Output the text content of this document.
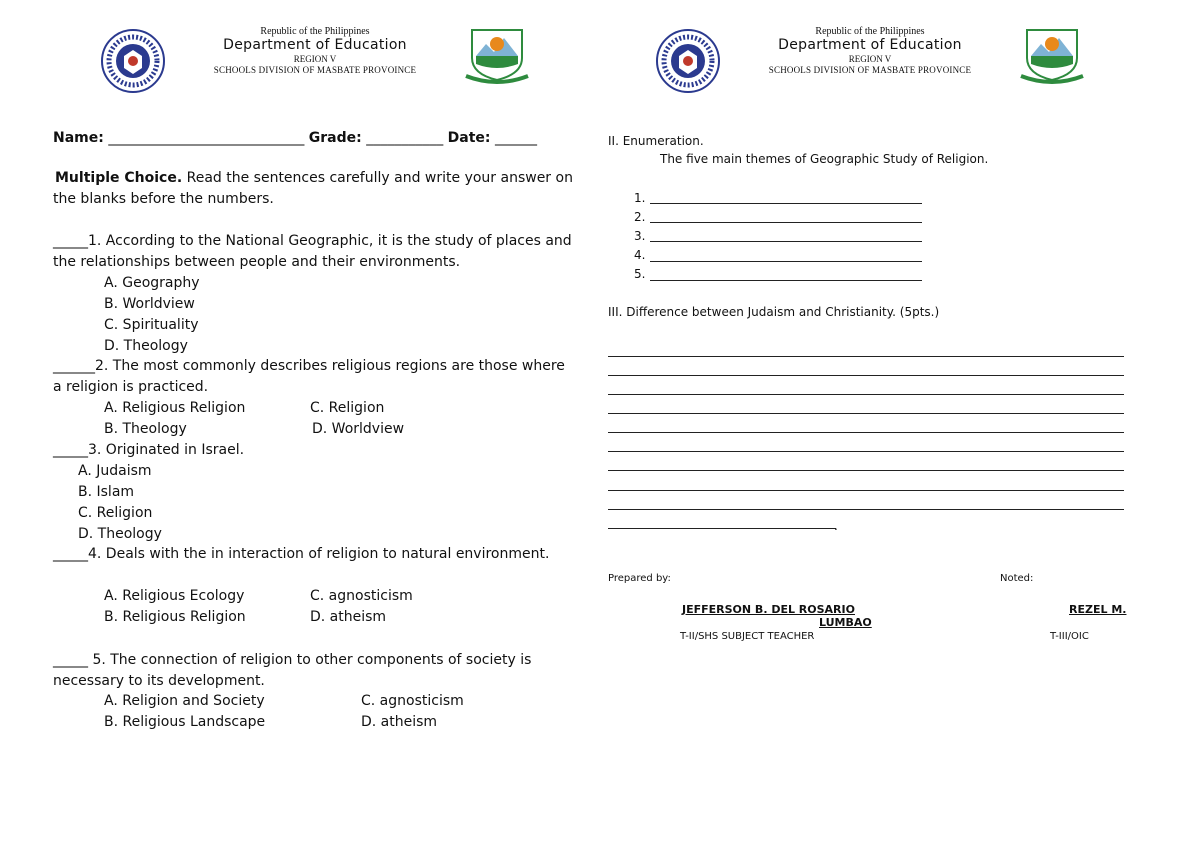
Republic of the Philippines
Department of Education
REGION V
SCHOOLS DIVISION OF MASBATE PROVOINCE
Name: ____________________________ Grade: ___________ Date: ______
Multiple Choice. Read the sentences carefully and write your answer on
the blanks before the numbers.
_____1. According to the National Geographic, it is the study of places and
the relationships between people and their environments.
A. Geography
B. Worldview
C. Spirituality
D. Theology
______2. The most commonly describes religious regions are those where
a religion is practiced.
A. Religious Religion	C. Religion
B. Theology	D. Worldview
_____3. Originated in Israel.
A. Judaism
B. Islam
C. Religion
D. Theology
_____4. Deals with the in interaction of religion to natural environment.
A. Religious Ecology	C. agnosticism
B. Religious Religion	D. atheism
_____ 5. The connection of religion to other components of society is
necessary to its development.
A. Religion and Society	C. agnosticism
B. Religious Landscape	D. atheism
Republic of the Philippines
Department of Education
REGION V
SCHOOLS DIVISION OF MASBATE PROVOINCE
II. Enumeration.
The five main themes of Geographic Study of Religion.
1.
2.
3.
4.
5.
III. Difference between Judaism and Christianity. (5pts.)
.
Prepared by:	Noted:
JEFFERSON B. DEL ROSARIO	REZEL M.
LUMBAO
T-II/SHS SUBJECT TEACHER	T-III/OIC
